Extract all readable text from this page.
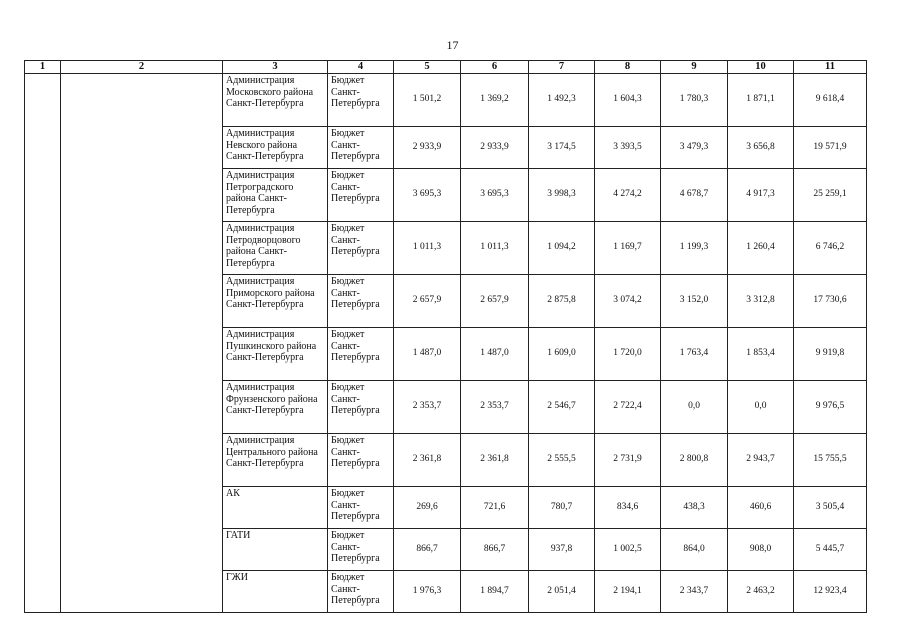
17
1	2	3	4	5	6	7	8	9	10	11
		Администрация Московского района Санкт-Петербурга	Бюджет Санкт-Петербурга	1 501,2	1 369,2	1 492,3	1 604,3	1 780,3	1 871,1	9 618,4
		Администрация Невского района Санкт-Петербурга	Бюджет Санкт-Петербурга	2 933,9	2 933,9	3 174,5	3 393,5	3 479,3	3 656,8	19 571,9
		Администрация Петроградского района Санкт-Петербурга	Бюджет Санкт-Петербурга	3 695,3	3 695,3	3 998,3	4 274,2	4 678,7	4 917,3	25 259,1
		Администрация Петродворцового района Санкт-Петербурга	Бюджет Санкт-Петербурга	1 011,3	1 011,3	1 094,2	1 169,7	1 199,3	1 260,4	6 746,2
		Администрация Приморского района Санкт-Петербурга	Бюджет Санкт-Петербурга	2 657,9	2 657,9	2 875,8	3 074,2	3 152,0	3 312,8	17 730,6
		Администрация Пушкинского района Санкт-Петербурга	Бюджет Санкт-Петербурга	1 487,0	1 487,0	1 609,0	1 720,0	1 763,4	1 853,4	9 919,8
		Администрация Фрунзенского района Санкт-Петербурга	Бюджет Санкт-Петербурга	2 353,7	2 353,7	2 546,7	2 722,4	0,0	0,0	9 976,5
		Администрация Центрального района Санкт-Петербурга	Бюджет Санкт-Петербурга	2 361,8	2 361,8	2 555,5	2 731,9	2 800,8	2 943,7	15 755,5
		АК	Бюджет Санкт-Петербурга	269,6	721,6	780,7	834,6	438,3	460,6	3 505,4
		ГАТИ	Бюджет Санкт-Петербурга	866,7	866,7	937,8	1 002,5	864,0	908,0	5 445,7
		ГЖИ	Бюджет Санкт-Петербурга	1 976,3	1 894,7	2 051,4	2 194,1	2 343,7	2 463,2	12 923,4
